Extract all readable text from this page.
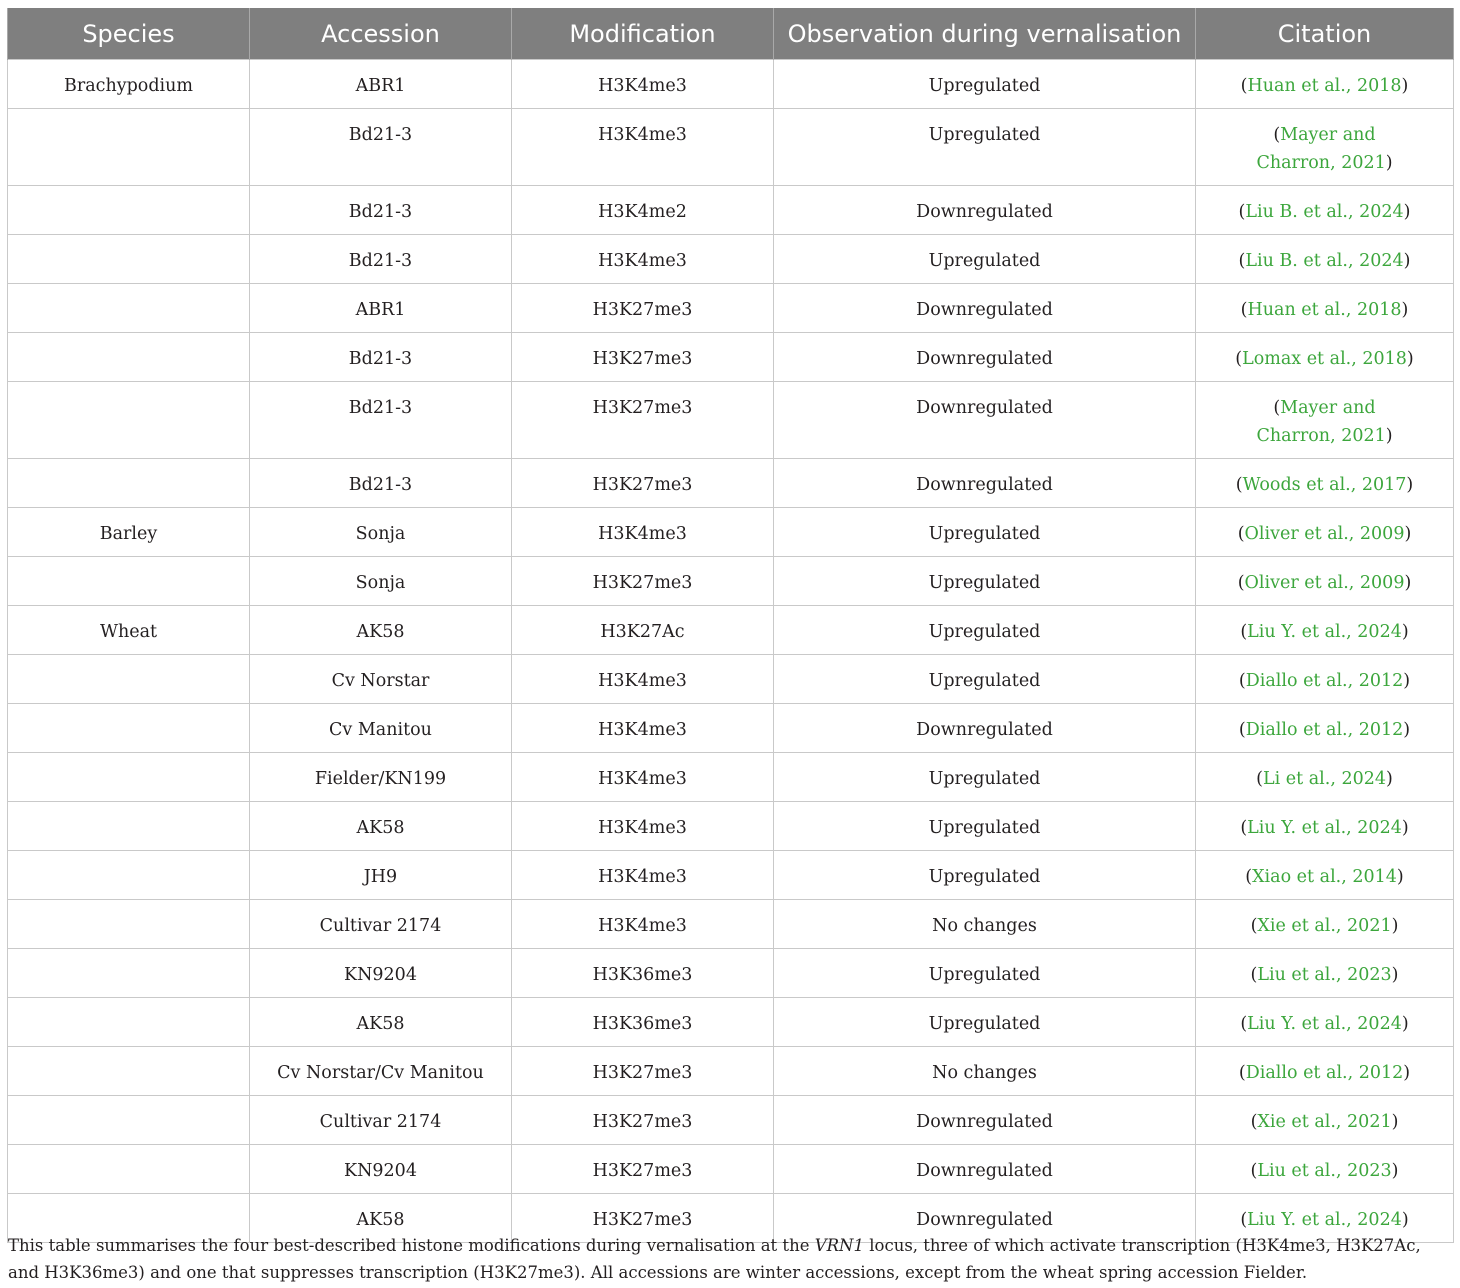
Species	Accession	Modification	Observation during vernalisation	Citation
Brachypodium	ABR1	H3K4me3	Upregulated	(Huan et al., 2018)
	Bd21-3	H3K4me3	Upregulated	(Mayer and
Charron, 2021)
	Bd21-3	H3K4me2	Downregulated	(Liu B. et al., 2024)
	Bd21-3	H3K4me3	Upregulated	(Liu B. et al., 2024)
	ABR1	H3K27me3	Downregulated	(Huan et al., 2018)
	Bd21-3	H3K27me3	Downregulated	(Lomax et al., 2018)
	Bd21-3	H3K27me3	Downregulated	(Mayer and
Charron, 2021)
	Bd21-3	H3K27me3	Downregulated	(Woods et al., 2017)
Barley	Sonja	H3K4me3	Upregulated	(Oliver et al., 2009)
	Sonja	H3K27me3	Upregulated	(Oliver et al., 2009)
Wheat	AK58	H3K27Ac	Upregulated	(Liu Y. et al., 2024)
	Cv Norstar	H3K4me3	Upregulated	(Diallo et al., 2012)
	Cv Manitou	H3K4me3	Downregulated	(Diallo et al., 2012)
	Fielder/KN199	H3K4me3	Upregulated	(Li et al., 2024)
	AK58	H3K4me3	Upregulated	(Liu Y. et al., 2024)
	JH9	H3K4me3	Upregulated	(Xiao et al., 2014)
	Cultivar 2174	H3K4me3	No changes	(Xie et al., 2021)
	KN9204	H3K36me3	Upregulated	(Liu et al., 2023)
	AK58	H3K36me3	Upregulated	(Liu Y. et al., 2024)
	Cv Norstar/Cv Manitou	H3K27me3	No changes	(Diallo et al., 2012)
	Cultivar 2174	H3K27me3	Downregulated	(Xie et al., 2021)
	KN9204	H3K27me3	Downregulated	(Liu et al., 2023)
	AK58	H3K27me3	Downregulated	(Liu Y. et al., 2024)
This table summarises the four best-described histone modifications during vernalisation at the VRN1 locus, three of which activate transcription (H3K4me3, H3K27Ac, and H3K36me3) and one that suppresses transcription (H3K27me3). All accessions are winter accessions, except from the wheat spring accession Fielder.
